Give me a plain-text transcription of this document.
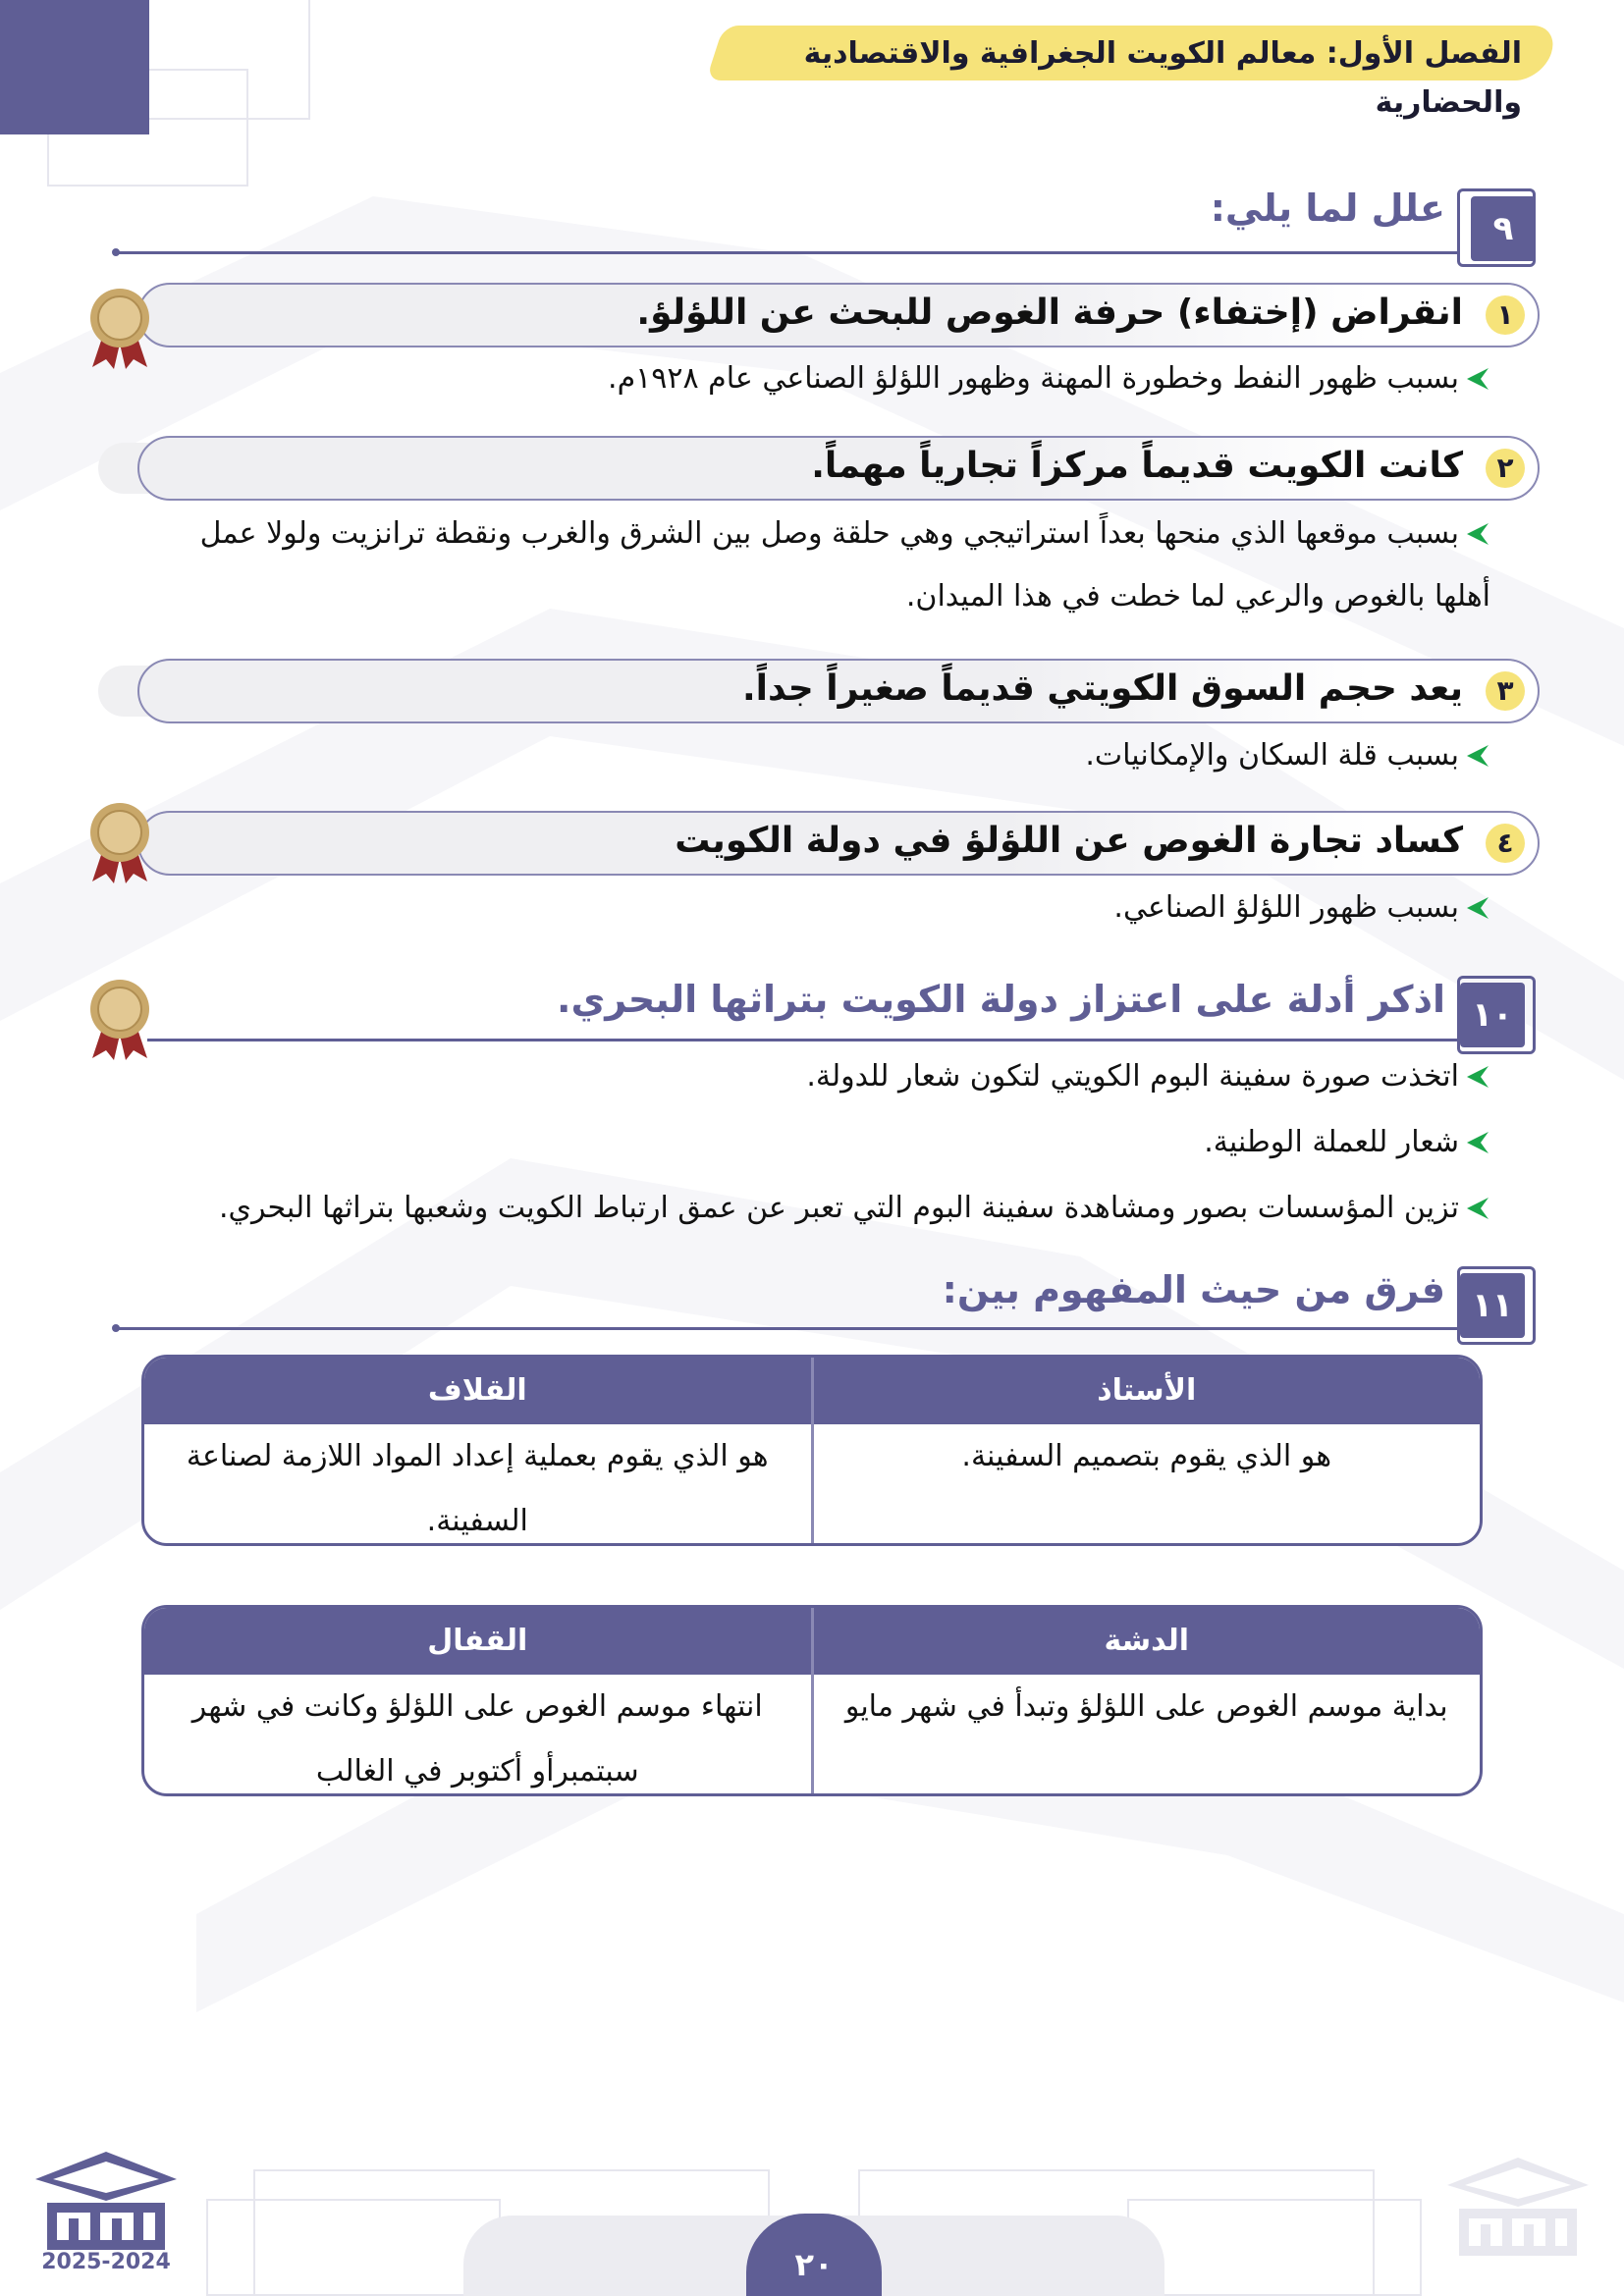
الفصل الأول: معالم الكويت الجغرافية والاقتصادية والحضارية
٩
علل لما يلي:
١
انقراض (إختفاء) حرفة الغوص للبحث عن اللؤلؤ.
بسبب ظهور النفط وخطورة المهنة وظهور اللؤلؤ الصناعي عام ١٩٢٨م.
٢
كانت الكويت قديماً مركزاً تجارياً مهماً.
بسبب موقعها الذي منحها بعداً استراتيجي وهي حلقة وصل بين الشرق والغرب ونقطة ترانزيت ولولا عمل
أهلها بالغوص والرعي لما خطت في هذا الميدان.
٣
يعد حجم السوق الكويتي قديماً صغيراً جداً.
بسبب قلة السكان والإمكانيات.
٤
كساد تجارة الغوص عن اللؤلؤ في دولة الكويت
بسبب ظهور اللؤلؤ الصناعي.
١٠
اذكر أدلة على اعتزاز دولة الكويت بتراثها البحري.
اتخذت صورة سفينة البوم الكويتي لتكون شعار للدولة.
شعار للعملة الوطنية.
تزين المؤسسات بصور ومشاهدة سفينة البوم التي تعبر عن عمق ارتباط الكويت وشعبها بتراثها البحري.
١١
فرق من حيث المفهوم بين:
الأستاذ
القلاف
هو الذي يقوم بتصميم السفينة.
هو الذي يقوم بعملية إعداد المواد اللازمة لصناعة
السفينة.
الدشة
القفال
بداية موسم الغوص على اللؤلؤ وتبدأ في شهر مايو
انتهاء موسم الغوص على اللؤلؤ وكانت في شهر
سبتمبرأو أكتوبر في الغالب
٢٠
2025-2024
